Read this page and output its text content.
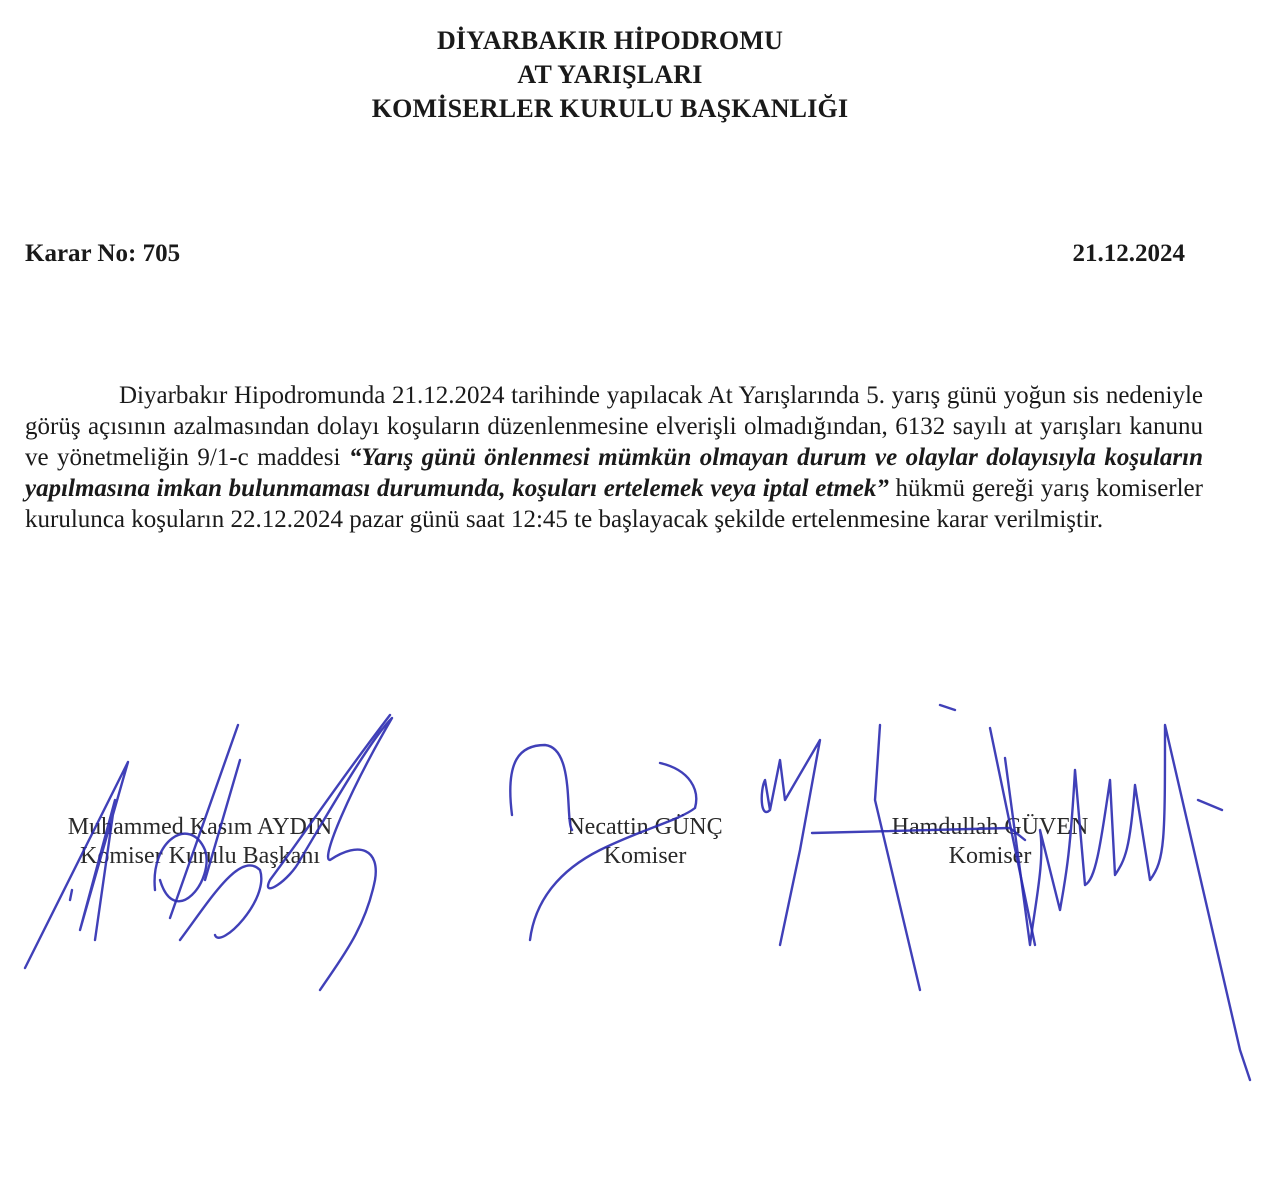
DİYARBAKIR HİPODROMU
AT YARIŞLARI
KOMİSERLER KURULU BAŞKANLIĞI
Karar No: 705	21.12.2024
Diyarbakır Hipodromunda 21.12.2024 tarihinde yapılacak At Yarışlarında 5. yarış günü yoğun sis nedeniyle görüş açısının azalmasından dolayı koşuların düzenlenmesine elverişli olmadığından, 6132 sayılı at yarışları kanunu ve yönetmeliğin 9/1-c maddesi “Yarış günü önlenmesi mümkün olmayan durum ve olaylar dolayısıyla koşuların yapılmasına imkan bulunmaması durumunda, koşuları ertelemek veya iptal etmek” hükmü gereği yarış komiserler kurulunca koşuların 22.12.2024 pazar günü saat 12:45 te başlayacak şekilde ertelenmesine karar verilmiştir.
Muhammed Kasım AYDIN
Komiser Kurulu Başkanı
Necattin GÜNÇ
Komiser
Hamdullah GÜVEN
Komiser
